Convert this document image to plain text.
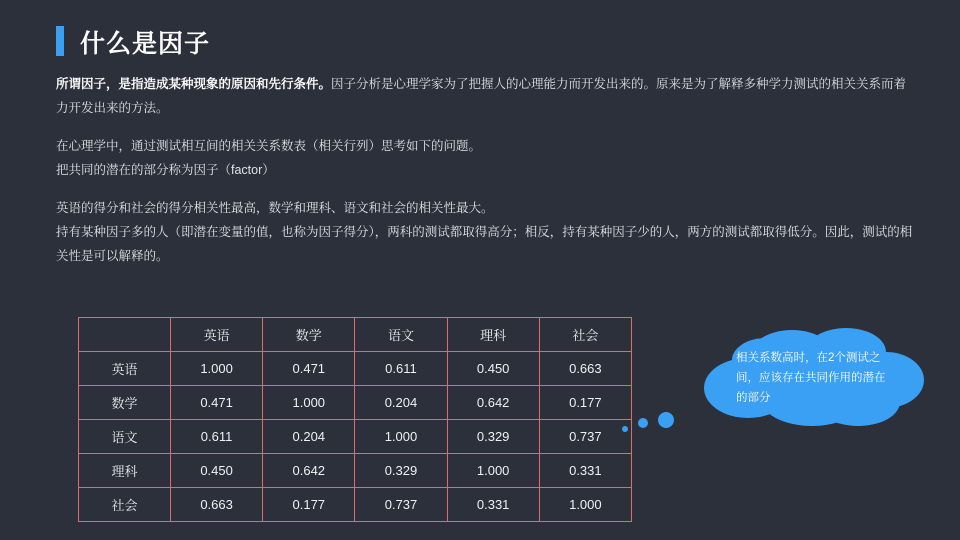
什么是因子

所谓因子，是指造成某种现象的原因和先行条件。因子分析是心理学家为了把握人的心理能力而开发出来的。原来是为了解释多种学力测试的相关关系而着力开发出来的方法。

在心理学中，通过测试相互间的相关关系数表（相关行列）思考如下的问题。

把共同的潜在的部分称为因子（factor）

英语的得分和社会的得分相关性最高，数学和理科、语文和社会的相关性最大。

持有某种因子多的人（即潜在变量的值，也称为因子得分），两科的测试都取得高分；相反，持有某种因子少的人，两方的测试都取得低分。因此，测试的相关性是可以解释的。

	英语	数学	语文	理科	社会
英语	1.000	0.471	0.611	0.450	0.663
数学	0.471	1.000	0.204	0.642	0.177
语文	0.611	0.204	1.000	0.329	0.737
理科	0.450	0.642	0.329	1.000	0.331
社会	0.663	0.177	0.737	0.331	1.000
相关系数高时，在2个测试之间，应该存在共同作用的潜在的部分
